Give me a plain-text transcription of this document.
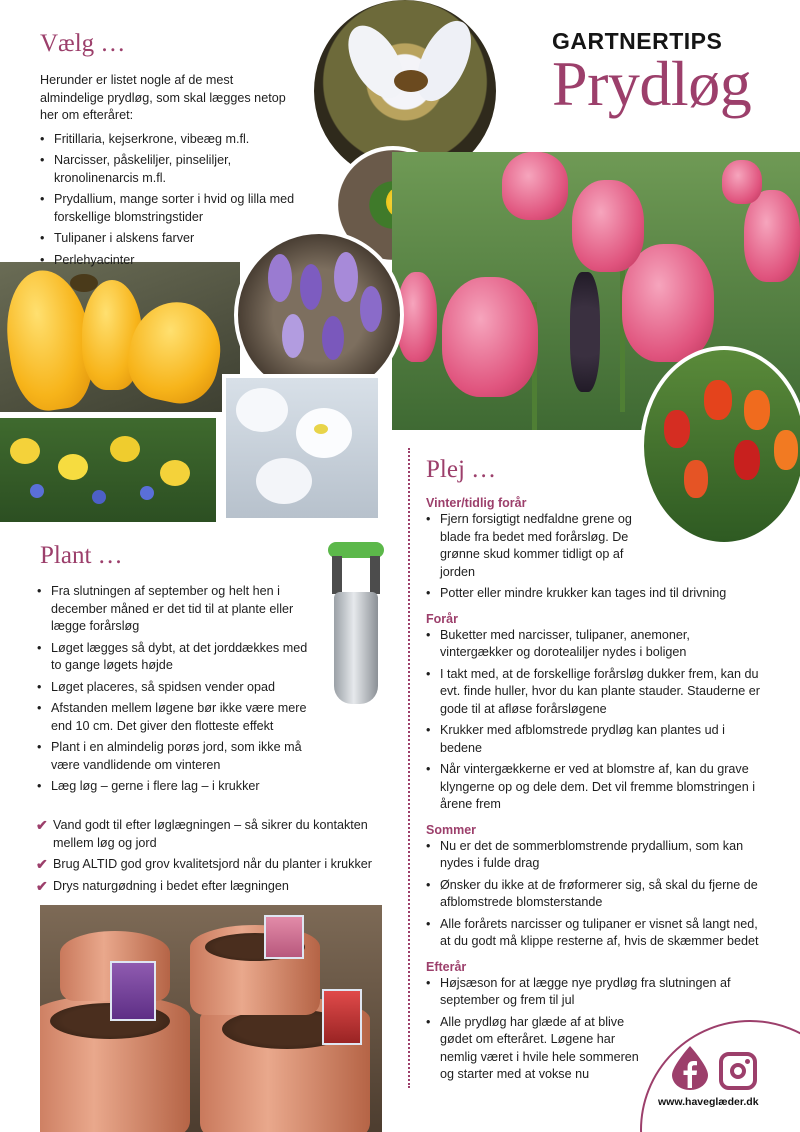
GARTNERTIPS
Prydløg
Vælg …

Herunder er listet nogle af de mest almindelige prydløg, som skal lægges netop her om efteråret:

• Fritillaria, kejserkrone, vibeæg m.fl.
• Narcisser, påskeliljer, pinseliljer, kronolinenarcis m.fl.
• Prydallium, mange sorter i hvid og lilla med forskellige blomstringstider
• Tulipaner i alskens farver
• Perlehyacinter
Plant …
• Fra slutningen af september og helt hen i december måned er det tid til at plante eller lægge forårsløg
• Løget lægges så dybt, at det jorddækkes med to gange løgets højde
• Løget placeres, så spidsen vender opad
• Afstanden mellem løgene bør ikke være mere end 10 cm. Det giver den flotteste effekt
• Plant i en almindelig porøs jord, som ikke må være vandlidende om vinteren
• Læg løg – gerne i flere lag – i krukker
✔ Vand godt til efter løglægningen – så sikrer du kontakten mellem løg og jord
✔ Brug ALTID god grov kvalitetsjord når du planter i krukker
✔ Drys naturgødning i bedet efter lægningen
Plej …
Vinter/tidlig forår
• Fjern forsigtigt nedfaldne grene og blade fra bedet med forårsløg. De grønne skud kommer tidligt op af jorden
• Potter eller mindre krukker kan tages ind til drivning
Forår
• Buketter med narcisser, tulipaner, anemoner, vintergækker og dorotealilјer nydes i boligen
• I takt med, at de forskellige forårsløg dukker frem, kan du evt. finde huller, hvor du kan plante stauder. Stauderne er gode til at afløse forårsløgene
• Krukker med afblomstrede prydløg kan plantes ud i bedene
• Når vintergækkerne er ved at blomstre af, kan du grave klyngerne op og dele dem. Det vil fremme blomstringen i årene frem
Sommer
• Nu er det de sommerblomstrende prydallium, som kan nydes i fulde drag
• Ønsker du ikke at de frøformerer sig, så skal du fjerne de afblomstrede blomsterstande
• Alle forårets narcisser og tulipaner er visnet så langt ned, at du godt må klippe resterne af, hvis de skæmmer bedet
Efterår
• Højsæson for at lægge nye prydløg fra slutningen af september og frem til jul
• Alle prydløg har glæde af at blive gødet om efteråret. Løgene har nemlig været i hvile hele sommeren og starter med at vokse nu
www.haveglæder.dk
